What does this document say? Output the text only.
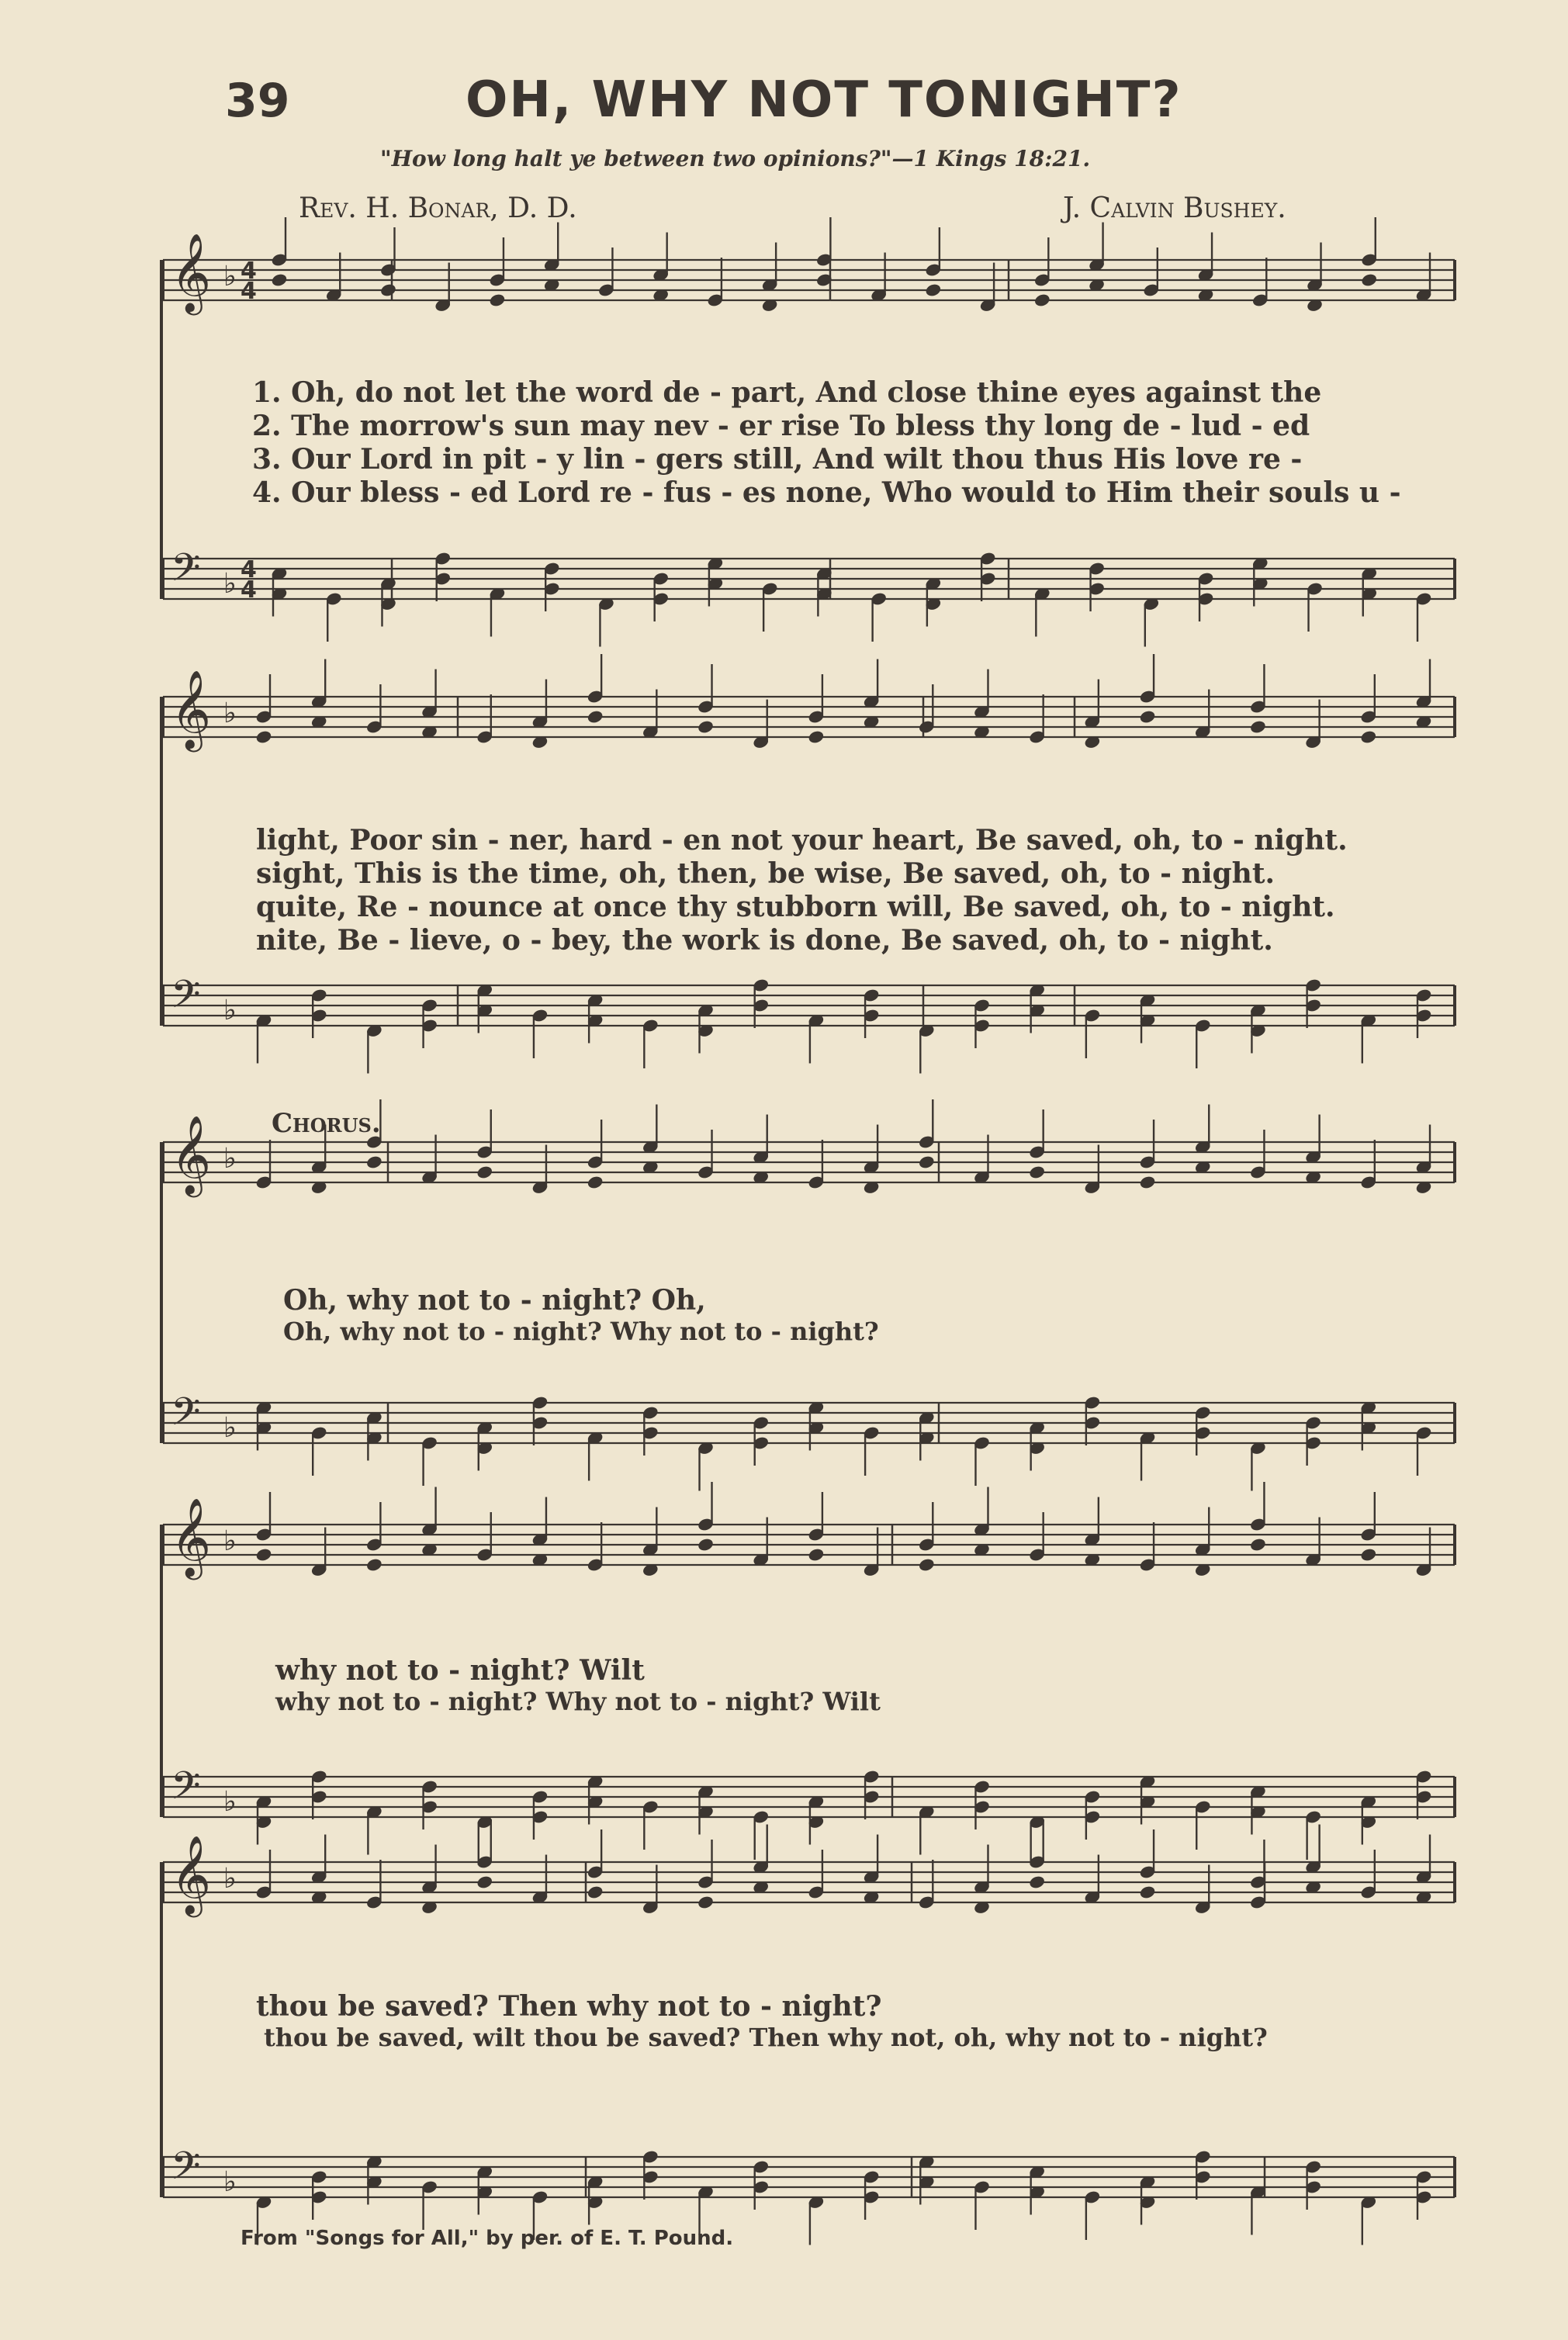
39	OH, WHY NOT TONIGHT?
"How long halt ye between two opinions?"—1 Kings 18:21.
Rev. H. Bonar, D. D.	J. Calvin Bushey.
𝄞 ♭ 4
4
𝄢 ♭ 4
4
𝄞 ♭
𝄢 ♭
𝄞 ♭
𝄢 ♭
𝄞 ♭
𝄢 ♭
𝄞 ♭
𝄢 ♭
1. Oh, do not let the word de - part, And close thine eyes against the
2. The morrow's sun may nev - er rise To bless thy long de - lud - ed
3. Our Lord in pit - y lin - gers still, And wilt thou thus His love re -
4. Our bless - ed Lord re - fus - es none, Who would to Him their souls u -
light, Poor sin - ner, hard - en not your heart, Be saved, oh, to - night.
sight, This is the time, oh, then, be wise, Be saved, oh, to - night.
quite, Re - nounce at once thy stubborn will, Be saved, oh, to - night.
nite, Be - lieve, o - bey, the work is done, Be saved, oh, to - night.
Chorus.
Oh, why not to - night? Oh,
Oh, why not to - night? Why not to - night?
why not to - night? Wilt
why not to - night? Why not to - night? Wilt
thou be saved? Then why not to - night?
thou be saved, wilt thou be saved? Then why not, oh, why not to - night?
From "Songs for All," by per. of E. T. Pound.
